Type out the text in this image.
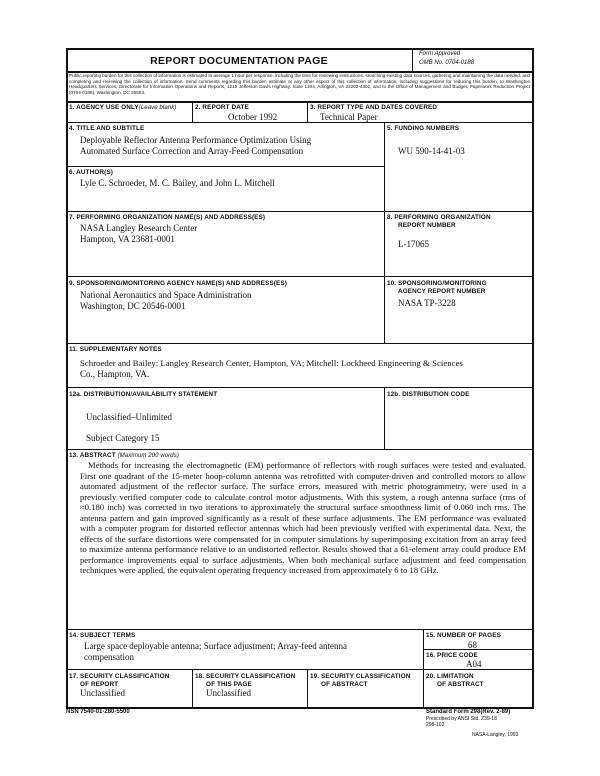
REPORT DOCUMENTATION PAGE
Form Approved
OMB No. 0704-0188
Public reporting burden for this collection of information is estimated to average 1 hour per response, including the time for reviewing instructions, searching existing data sources, gathering and maintaining the data needed, and completing and reviewing the collection of information. Send comments regarding this burden estimate or any other aspect of this collection of information, including suggestions for reducing this burden, to Washington Headquarters Services, Directorate for Information Operations and Reports, 1215 Jefferson Davis Highway, Suite 1204, Arlington, VA 22202-4302, and to the Office of Management and Budget, Paperwork Reduction Project (0704-0188), Washington, DC 20503.
1. AGENCY USE ONLY(Leave blank)	2. REPORT DATE
October 1992
3. REPORT TYPE AND DATES COVERED
Technical Paper
4. TITLE AND SUBTITLE
Deployable Reflector Antenna Performance Optimization Using
Automated Surface Correction and Array-Feed Compensation
5. FUNDING NUMBERS
WU 590-14-41-03
6. AUTHOR(S)
Lyle C. Schroeder, M. C. Bailey, and John L. Mitchell
7. PERFORMING ORGANIZATION NAME(S) AND ADDRESS(ES)
NASA Langley Research Center
Hampton, VA 23681-0001
8. PERFORMING ORGANIZATION
REPORT NUMBER
L-17065
9. SPONSORING/MONITORING AGENCY NAME(S) AND ADDRESS(ES)
National Aeronautics and Space Administration
Washington, DC 20546-0001
10. SPONSORING/MONITORING
AGENCY REPORT NUMBER
NASA TP-3228
11. SUPPLEMENTARY NOTES
Schroeder and Bailey: Langley Research Center, Hampton, VA; Mitchell: Lockheed Engineering & Sciences
Co., Hampton, VA.
12a. DISTRIBUTION/AVAILABILITY STATEMENT
Unclassified–Unlimited
Subject Category 15
12b. DISTRIBUTION CODE
13. ABSTRACT (Maximum 200 words)
Methods for increasing the electromagnetic (EM) performance of reflectors with rough surfaces were tested and evaluated. First one quadrant of the 15-meter hoop-column antenna was retrofitted with computer-driven and controlled motors to allow automated adjustment of the reflector surface. The surface errors, measured with metric photogrammetry, were used in a previously verified computer code to calculate control motor adjustments. With this system, a rough antenna surface (rms of ≈0.180 inch) was corrected in two iterations to approximately the structural surface smoothness limit of 0.060 inch rms. The antenna pattern and gain improved significantly as a result of these surface adjustments. The EM performance was evaluated with a computer program for distorted reflector antennas which had been previously verified with experimental data. Next, the effects of the surface distortions were compensated for in computer simulations by superimposing excitation from an array feed to maximize antenna performance relative to an undistorted reflector. Results showed that a 61-element array could produce EM performance improvements equal to surface adjustments. When both mechanical surface adjustment and feed compensation techniques were applied, the equivalent operating frequency increased from approximately 6 to 18 GHz.
14. SUBJECT TERMS
Large space deployable antenna; Surface adjustment; Array-feed antenna
compensation
15. NUMBER OF PAGES
68
16. PRICE CODE
A04
17. SECURITY CLASSIFICATION
OF REPORT
Unclassified
18. SECURITY CLASSIFICATION
OF THIS PAGE
Unclassified
19. SECURITY CLASSIFICATION
OF ABSTRACT
20. LIMITATION
OF ABSTRACT
NSN 7540-01-280-5500	Standard Form 298(Rev. 2-89)
Prescribed by ANSI Std. Z39-18
298-102
NASA-Langley, 1993
